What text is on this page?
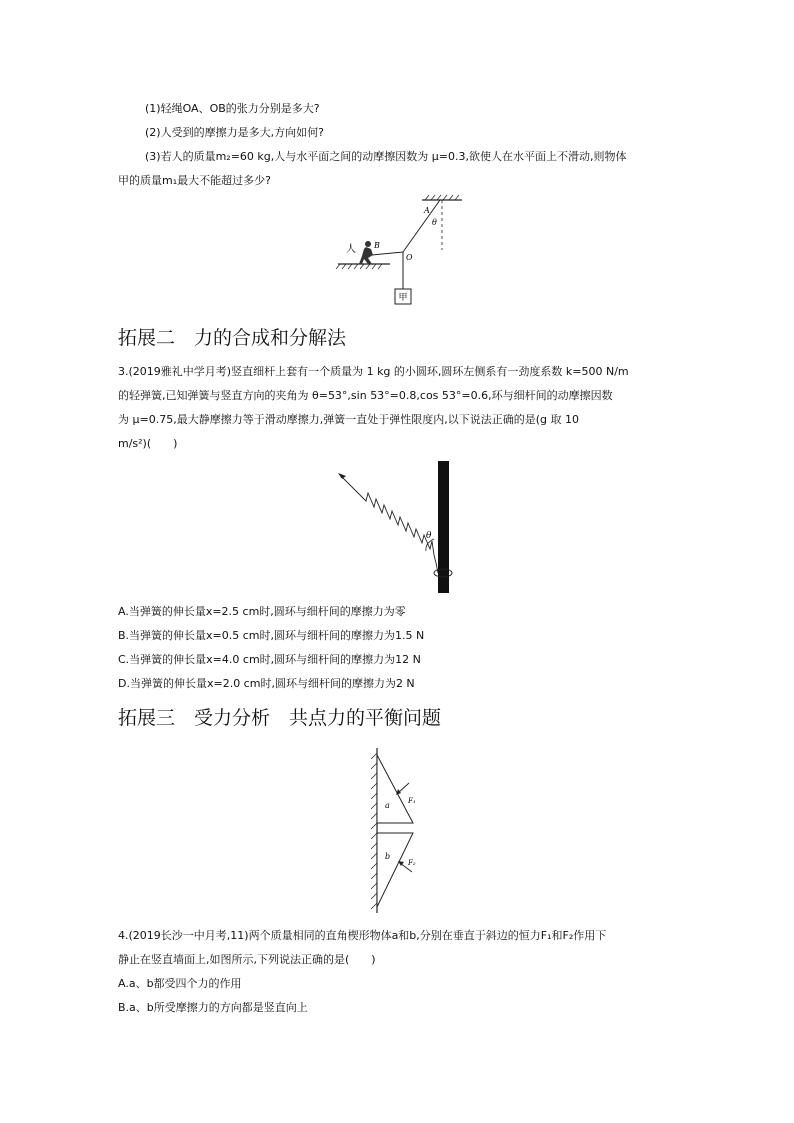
(1)轻绳OA、OB的张力分别是多大?
(2)人受到的摩擦力是多大,方向如何?
(3)若人的质量m₂=60 kg,人与水平面之间的动摩擦因数为 μ=0.3,欲使人在水平面上不滑动,则物体
甲的质量m₁最大不能超过多少?
甲
人 B
O
A
θ
拓展二　力的合成和分解法
3.(2019雅礼中学月考)竖直细杆上套有一个质量为 1 kg 的小圆环,圆环左侧系有一劲度系数 k=500 N/m
的轻弹簧,已知弹簧与竖直方向的夹角为 θ=53°,sin 53°=0.8,cos 53°=0.6,环与细杆间的动摩擦因数
为 μ=0.75,最大静摩擦力等于滑动摩擦力,弹簧一直处于弹性限度内,以下说法正确的是(g 取 10
m/s²)(　　)
θ
A.当弹簧的伸长量x=2.5 cm时,圆环与细杆间的摩擦力为零
B.当弹簧的伸长量x=0.5 cm时,圆环与细杆间的摩擦力为1.5 N
C.当弹簧的伸长量x=4.0 cm时,圆环与细杆间的摩擦力为12 N
D.当弹簧的伸长量x=2.0 cm时,圆环与细杆间的摩擦力为2 N
拓展三　受力分析　共点力的平衡问题
a
b
F₁
F₂
4.(2019长沙一中月考,11)两个质量相同的直角楔形物体a和b,分别在垂直于斜边的恒力F₁和F₂作用下
静止在竖直墙面上,如图所示,下列说法正确的是(　　)
A.a、b都受四个力的作用
B.a、b所受摩擦力的方向都是竖直向上
